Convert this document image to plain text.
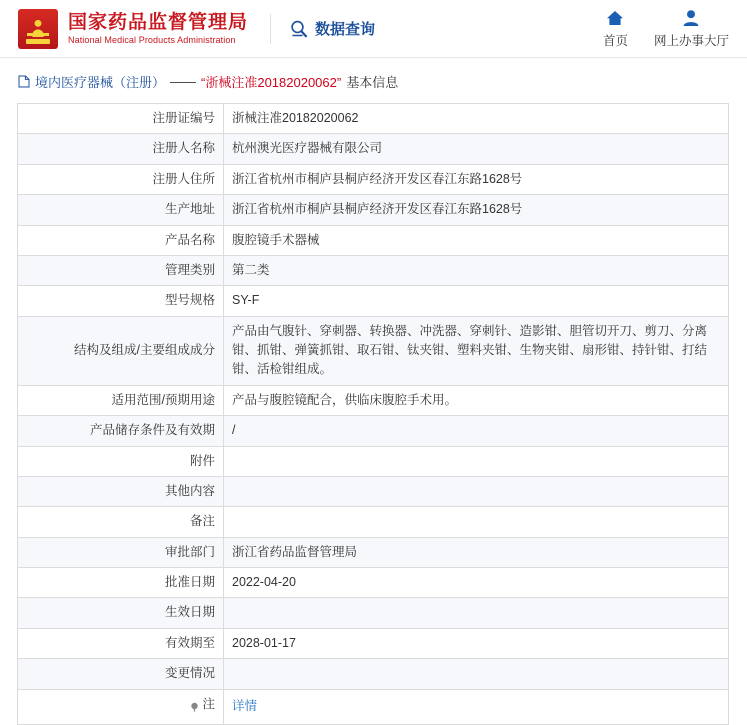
国家药品监督管理局
National Medical Products Administration
数据查询
首页 网上办事大厅
境内医疗器械（注册） —— “浙械注准20182020062” 基本信息
注册证编号	浙械注准20182020062
注册人名称	杭州澳光医疗器械有限公司
注册人住所	浙江省杭州市桐庐县桐庐经济开发区春江东路1628号
生产地址	浙江省杭州市桐庐县桐庐经济开发区春江东路1628号
产品名称	腹腔镜手术器械
管理类别	第二类
型号规格	SY-F
结构及组成/主要组成成分	产品由气腹针、穿刺器、转换器、冲洗器、穿刺针、造影钳、胆管切开刀、剪刀、分离钳、抓钳、弹簧抓钳、取石钳、钛夹钳、塑料夹钳、生物夹钳、扇形钳、持针钳、打结钳、活检钳组成。
适用范围/预期用途	产品与腹腔镜配合，供临床腹腔手术用。
产品储存条件及有效期	/
附件	
其他内容	
备注	
审批部门	浙江省药品监督管理局
批准日期	2022-04-20
生效日期	
有效期至	2028-01-17
变更情况	

注	详情
